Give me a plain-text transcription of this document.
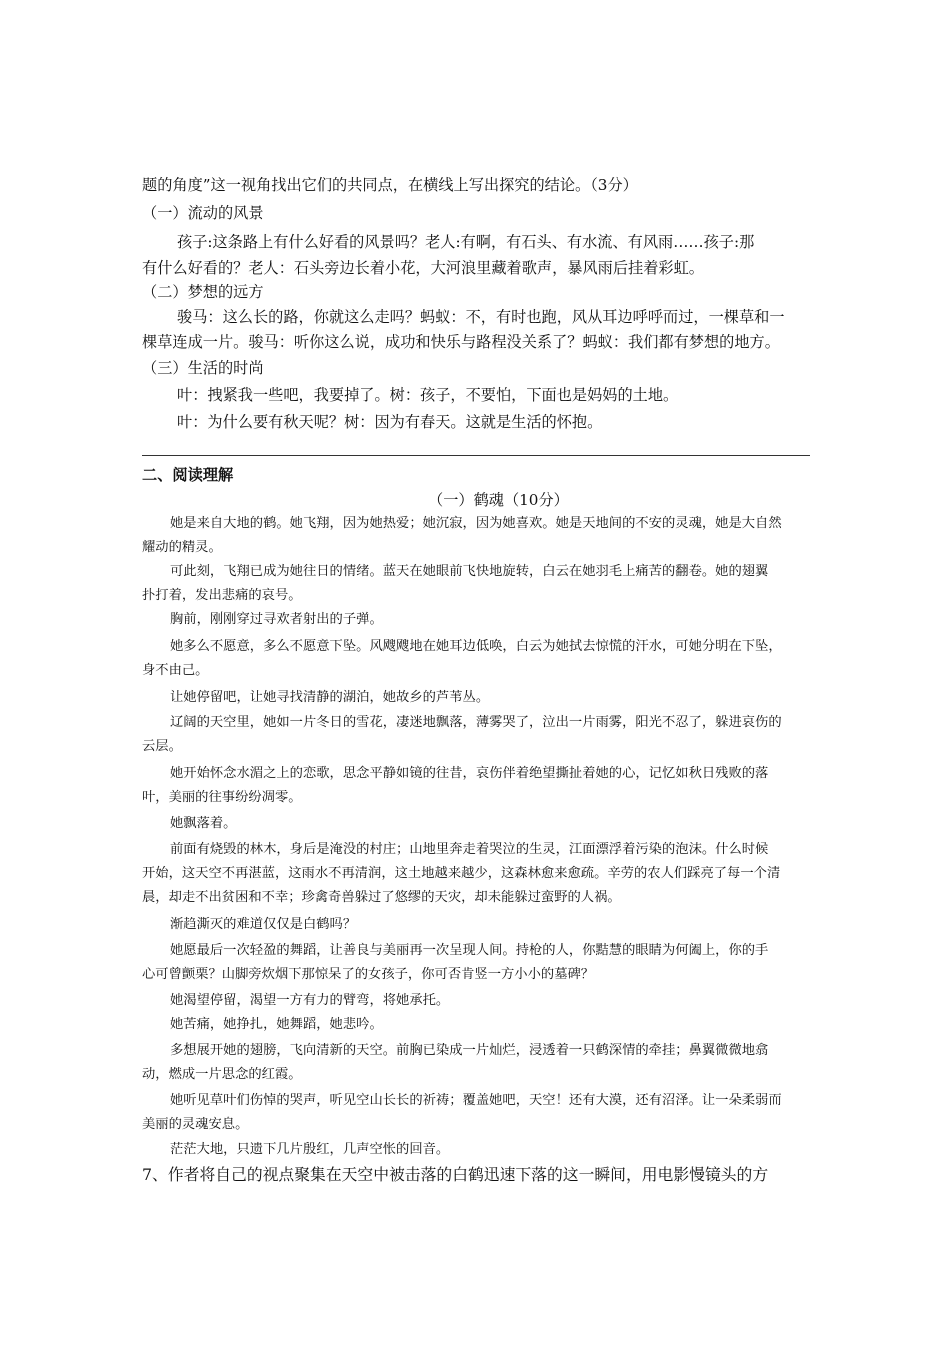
题的角度”这一视角找出它们的共同点，在横线上写出探究的结论。（3分）

（一）流动的风景

孩子:这条路上有什么好看的风景吗？老人:有啊，有石头、有水流、有风雨……孩子:那

有什么好看的？老人：石头旁边长着小花，大河浪里藏着歌声，暴风雨后挂着彩虹。

（二）梦想的远方

骏马：这么长的路，你就这么走吗？蚂蚁：不，有时也跑，风从耳边呼呼而过，一棵草和一

棵草连成一片。骏马：听你这么说，成功和快乐与路程没关系了？蚂蚁：我们都有梦想的地方。

（三）生活的时尚

叶：拽紧我一些吧，我要掉了。树：孩子，不要怕，下面也是妈妈的土地。

叶：为什么要有秋天呢？树：因为有春天。这就是生活的怀抱。

二、阅读理解

（一）鹤魂（10分）

她是来自大地的鹤。她飞翔，因为她热爱；她沉寂，因为她喜欢。她是天地间的不安的灵魂，她是大自然

耀动的精灵。

可此刻，飞翔已成为她往日的情绪。蓝天在她眼前飞快地旋转，白云在她羽毛上痛苦的翻卷。她的翅翼

扑打着，发出悲痛的哀号。

胸前，刚刚穿过寻欢者射出的子弹。

她多么不愿意，多么不愿意下坠。风飕飕地在她耳边低唤，白云为她拭去惊慌的汗水，可她分明在下坠，

身不由己。

让她停留吧，让她寻找清静的湖泊，她故乡的芦苇丛。

辽阔的天空里，她如一片冬日的雪花，凄迷地飘落，薄雾哭了，泣出一片雨雾，阳光不忍了，躲进哀伤的

云层。

她开始怀念水湄之上的恋歌，思念平静如镜的往昔，哀伤伴着绝望撕扯着她的心，记忆如秋日残败的落

叶，美丽的往事纷纷凋零。

她飘落着。

前面有烧毁的林木，身后是淹没的村庄；山地里奔走着哭泣的生灵，江面漂浮着污染的泡沫。什么时候

开始，这天空不再湛蓝，这雨水不再清润，这土地越来越少，这森林愈来愈疏。辛劳的农人们踩亮了每一个清

晨，却走不出贫困和不幸；珍禽奇兽躲过了悠缪的天灾，却未能躲过蛮野的人祸。

渐趋澌灭的难道仅仅是白鹤吗？

她愿最后一次轻盈的舞蹈，让善良与美丽再一次呈现人间。持枪的人，你黠慧的眼睛为何阖上，你的手

心可曾颤栗？山脚旁炊烟下那惊呆了的女孩子，你可否肯竖一方小小的墓碑？

她渴望停留，渴望一方有力的臂弯，将她承托。

她苦痛，她挣扎，她舞蹈，她悲吟。

多想展开她的翅膀，飞向清新的天空。前胸已染成一片灿烂，浸透着一只鹤深情的牵挂；鼻翼微微地翕

动，燃成一片思念的红霞。

她听见草叶们伤悼的哭声，听见空山长长的祈祷；覆盖她吧，天空！还有大漠，还有沼泽。让一朵柔弱而

美丽的灵魂安息。

茫茫大地，只遗下几片殷红，几声空怅的回音。

7、作者将自己的视点聚集在天空中被击落的白鹤迅速下落的这一瞬间，用电影慢镜头的方
